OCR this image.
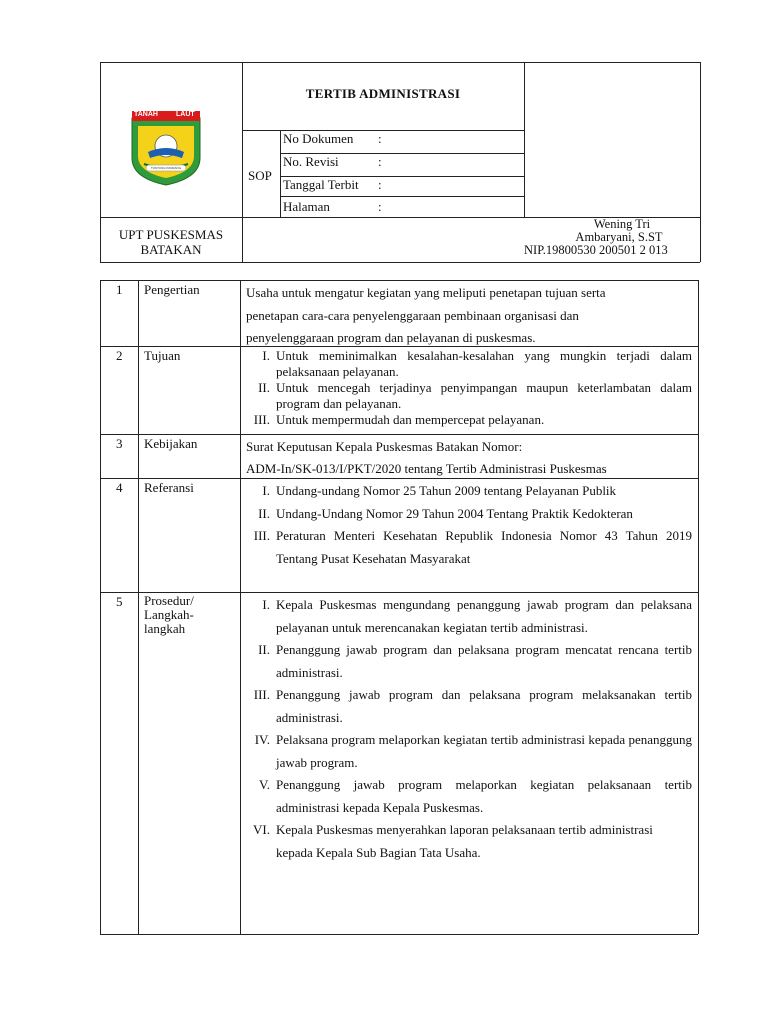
TANAH	LAUT
TUNTUNG PANDANG
TERTIB ADMINISTRASI
SOP
No Dokumen :
No. Revisi	:
Tanggal Terbit :
Halaman	:
UPT PUSKESMAS
BATAKAN
Wening Tri
Ambaryani, S.ST
NIP.19800530 200501 2 013
1 Pengertian	Usaha untuk mengatur kegiatan yang meliputi penetapan tujuan serta
penetapan cara-cara penyelenggaraan pembinaan organisasi dan
penyelenggaraan program dan pelayanan di puskesmas.
2 Tujuan	I. Untuk meminimalkan kesalahan-kesalahan yang mungkin terjadi dalam pelaksanaan pelayanan.
II. Untuk mencegah terjadinya penyimpangan maupun keterlambatan dalam program dan pelayanan.
III. Untuk mempermudah dan mempercepat pelayanan.
3 Kebijakan	Surat Keputusan Kepala Puskesmas Batakan Nomor:
ADM-In/SK-013/I/PKT/2020 tentang Tertib Administrasi Puskesmas
4 Referansi	I. Undang-undang Nomor 25 Tahun 2009 tentang Pelayanan Publik
II. Undang-Undang Nomor 29 Tahun 2004 Tentang Praktik Kedokteran
III. Peraturan Menteri Kesehatan Republik Indonesia Nomor 43 Tahun 2019 Tentang Pusat Kesehatan Masyarakat
5 Prosedur/
Langkah-
langkah
I. Kepala Puskesmas mengundang penanggung jawab program dan pelaksana pelayanan untuk merencanakan kegiatan tertib administrasi.
II. Penanggung jawab program dan pelaksana program mencatat rencana tertib administrasi.
III. Penanggung jawab program dan pelaksana program melaksanakan tertib administrasi.
IV. Pelaksana program melaporkan kegiatan tertib administrasi kepada penanggung jawab program.
V. Penanggung jawab program melaporkan kegiatan pelaksanaan tertib administrasi kepada Kepala Puskesmas.
VI. Kepala Puskesmas menyerahkan laporan pelaksanaan tertib administrasi kepada Kepala Sub Bagian Tata Usaha.
